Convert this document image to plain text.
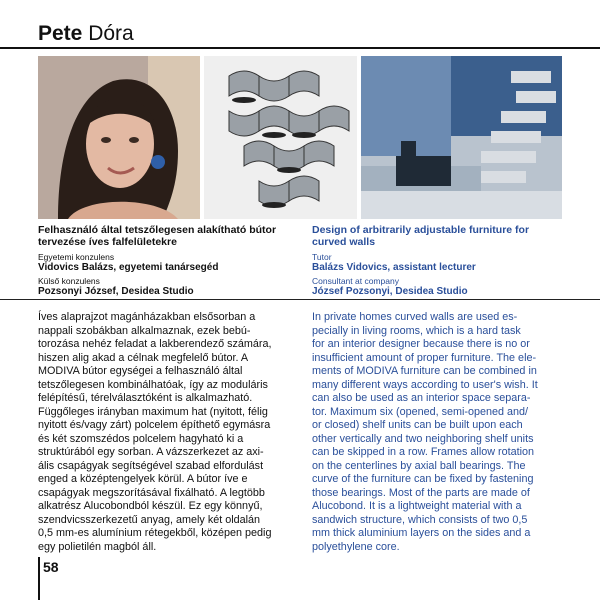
Pete Dóra
Felhasználó által tetszőlegesen alakítható bútor tervezése íves falfelületekre
Egyetemi konzulens
Vidovics Balázs, egyetemi tanársegéd
Külső konzulens
Pozsonyi József, Desidea Studio
Design of arbitrarily adjustable furniture for curved walls
Tutor
Balázs Vidovics, assistant lecturer
Consultant at company
József Pozsonyi, Desidea Studio
Íves alaprajzot magánházakban elsősorban a
nappali szobákban alkalmaznak, ezek bebú-
torozása nehéz feladat a lakberendező számára,
hiszen alig akad a célnak megfelelő bútor. A
MODIVA bútor egységei a felhasználó által
tetszőlegesen kombinálhatóak, így az moduláris
felépítésű, térelválasztóként is alkalmazható.
Függőleges irányban maximum hat (nyitott, félig
nyitott és/vagy zárt) polcelem építhető egymásra
és két szomszédos polcelem hagyható ki a
struktúrából egy sorban. A vázszerkezet az axi-
ális csapágyak segítségével szabad elfordulást
enged a középtengelyek körül. A bútor íve e
csapágyak megszorításával fixálható. A legtöbb
alkatrész Alucobondból készül. Ez egy könnyű,
szendvicsszerkezetű anyag, amely két oldalán
0,5 mm-es alumínium rétegekből, középen pedig
egy polietilén magból áll.
In private homes curved walls are used es-
pecially in living rooms, which is a hard task
for an interior designer because there is no or
insufficient amount of proper furniture. The ele-
ments of MODIVA furniture can be combined in
many different ways according to user's wish. It
can also be used as an interior space separa-
tor. Maximum six (opened, semi-opened and/
or closed) shelf units can be built upon each
other vertically and two neighboring shelf units
can be skipped in a row. Frames allow rotation
on the centerlines by axial ball bearings. The
curve of the furniture can be fixed by fastening
those bearings. Most of the parts are made of
Alucobond. It is a lightweight material with a
sandwich structure, which consists of two 0,5
mm thick aluminium layers on the sides and a
polyethylene core.
58
